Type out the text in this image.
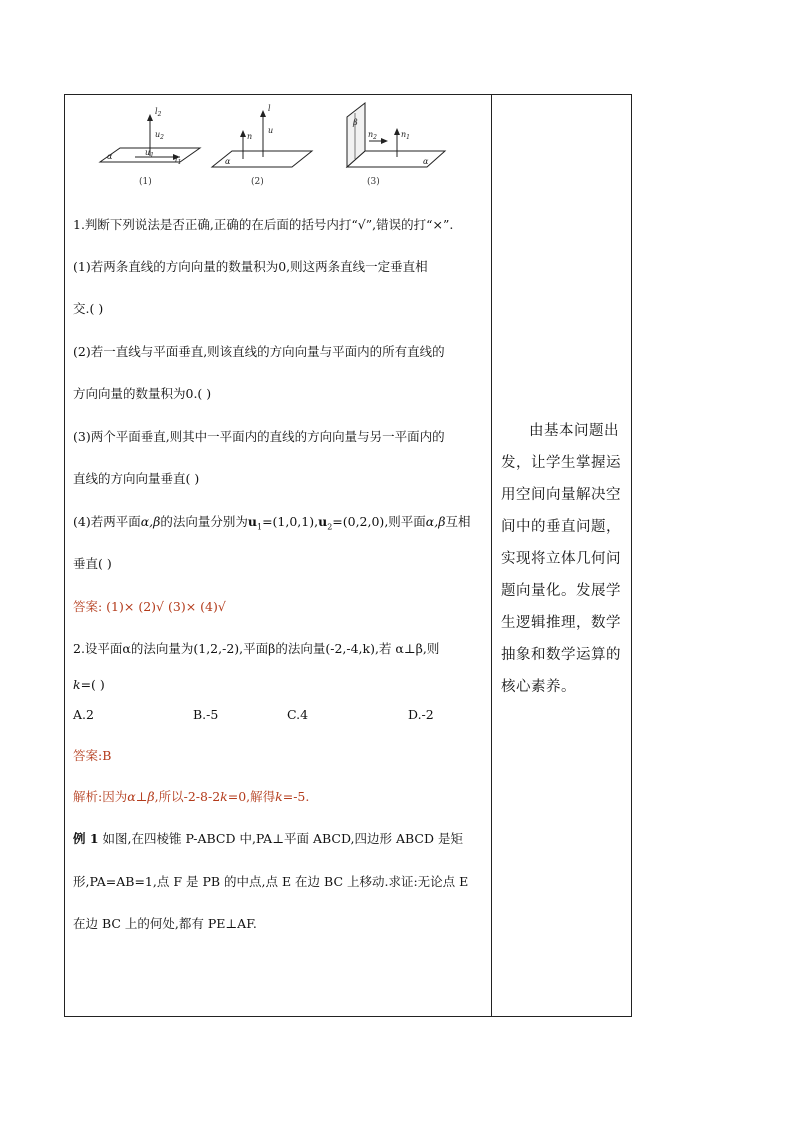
$l_2$
$u_2$
$u_1$	$l_1$
α
l
u
n
α
β
$n_2$	$n_1$
α
(1)	(2)	(3)
1.判断下列说法是否正确,正确的在后面的括号内打“√”,错误的打“×”.
(1)若两条直线的方向向量的数量积为0,则这两条直线一定垂直相
交.( )
(2)若一直线与平面垂直,则该直线的方向向量与平面内的所有直线的
方向向量的数量积为0.( )
(3)两个平面垂直,则其中一平面内的直线的方向向量与另一平面内的
直线的方向向量垂直( )
(4)若两平面α,β的法向量分别为$u_1=(1,0,1),u_2=(0,2,0)$,则平面α,β互相
垂直( )
答案: (1)× (2)√ (3)× (4)√
2.设平面α的法向量为(1,2,-2),平面β的法向量(-2,-4,k),若 α⊥β,则
k=( )
A.2	B.-5	C.4	D.-2
答案:B
解析:因为α⊥β,所以-2-8-2k=0,解得k=-5.
例 1 如图,在四棱锥 P-ABCD 中,PA⊥平面 ABCD,四边形 ABCD 是矩
形,PA=AB=1,点 F 是 PB 的中点,点 E 在边 BC 上移动.求证:无论点 E
在边 BC 上的何处,都有 PE⊥AF.
由基本问题出发，让学生掌握运用空间向量解决空间中的垂直问题，实现将立体几何问题向量化。发展学生逻辑推理，数学抽象和数学运算的核心素养。
